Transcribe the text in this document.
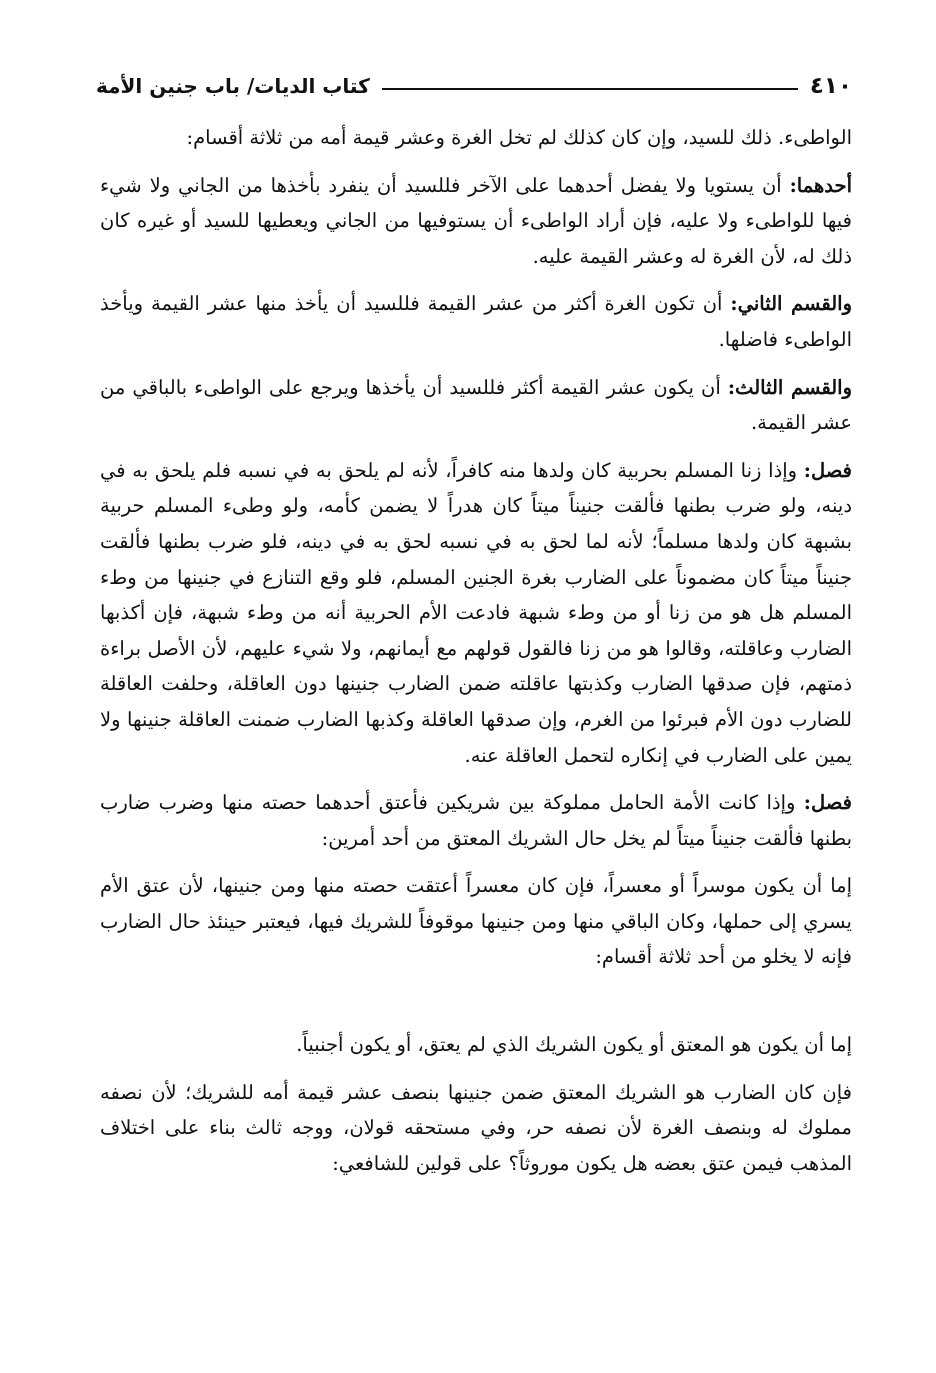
٤١٠
كتاب الديات/ باب جنين الأمة

الواطىء. ذلك للسيد، وإن كان كذلك لم تخل الغرة وعشر قيمة أمه من ثلاثة أقسام:

أحدهما: أن يستويا ولا يفضل أحدهما على الآخر فللسيد أن ينفرد بأخذها من الجاني ولا شيء فيها للواطىء ولا عليه، فإن أراد الواطىء أن يستوفيها من الجاني ويعطيها للسيد أو غيره كان ذلك له، لأن الغرة له وعشر القيمة عليه.

والقسم الثاني: أن تكون الغرة أكثر من عشر القيمة فللسيد أن يأخذ منها عشر القيمة ويأخذ الواطىء فاضلها.

والقسم الثالث: أن يكون عشر القيمة أكثر فللسيد أن يأخذها ويرجع على الواطىء بالباقي من عشر القيمة.

فصل: وإذا زنا المسلم بحربية كان ولدها منه كافراً، لأنه لم يلحق به في نسبه فلم يلحق به في دينه، ولو ضرب بطنها فألقت جنيناً ميتاً كان هدراً لا يضمن كأمه، ولو وطىء المسلم حربية بشبهة كان ولدها مسلماً؛ لأنه لما لحق به في نسبه لحق به في دينه، فلو ضرب بطنها فألقت جنيناً ميتاً كان مضموناً على الضارب بغرة الجنين المسلم، فلو وقع التنازع في جنينها من وطء المسلم هل هو من زنا أو من وطء شبهة فادعت الأم الحربية أنه من وطء شبهة، فإن أكذبها الضارب وعاقلته، وقالوا هو من زنا فالقول قولهم مع أيمانهم، ولا شيء عليهم، لأن الأصل براءة ذمتهم، فإن صدقها الضارب وكذبتها عاقلته ضمن الضارب جنينها دون العاقلة، وحلفت العاقلة للضارب دون الأم فبرئوا من الغرم، وإن صدقها العاقلة وكذبها الضارب ضمنت العاقلة جنينها ولا يمين على الضارب في إنكاره لتحمل العاقلة عنه.

فصل: وإذا كانت الأمة الحامل مملوكة بين شريكين فأعتق أحدهما حصته منها وضرب ضارب بطنها فألقت جنيناً ميتاً لم يخل حال الشريك المعتق من أحد أمرين:

إما أن يكون موسراً أو معسراً، فإن كان معسراً أعتقت حصته منها ومن جنينها، لأن عتق الأم يسري إلى حملها، وكان الباقي منها ومن جنينها موقوفاً للشريك فيها، فيعتبر حينئذ حال الضارب فإنه لا يخلو من أحد ثلاثة أقسام:

إما أن يكون هو المعتق أو يكون الشريك الذي لم يعتق، أو يكون أجنبياً.

فإن كان الضارب هو الشريك المعتق ضمن جنينها بنصف عشر قيمة أمه للشريك؛ لأن نصفه مملوك له وبنصف الغرة لأن نصفه حر، وفي مستحقه قولان، ووجه ثالث بناء على اختلاف المذهب فيمن عتق بعضه هل يكون موروثاً؟ على قولين للشافعي:
